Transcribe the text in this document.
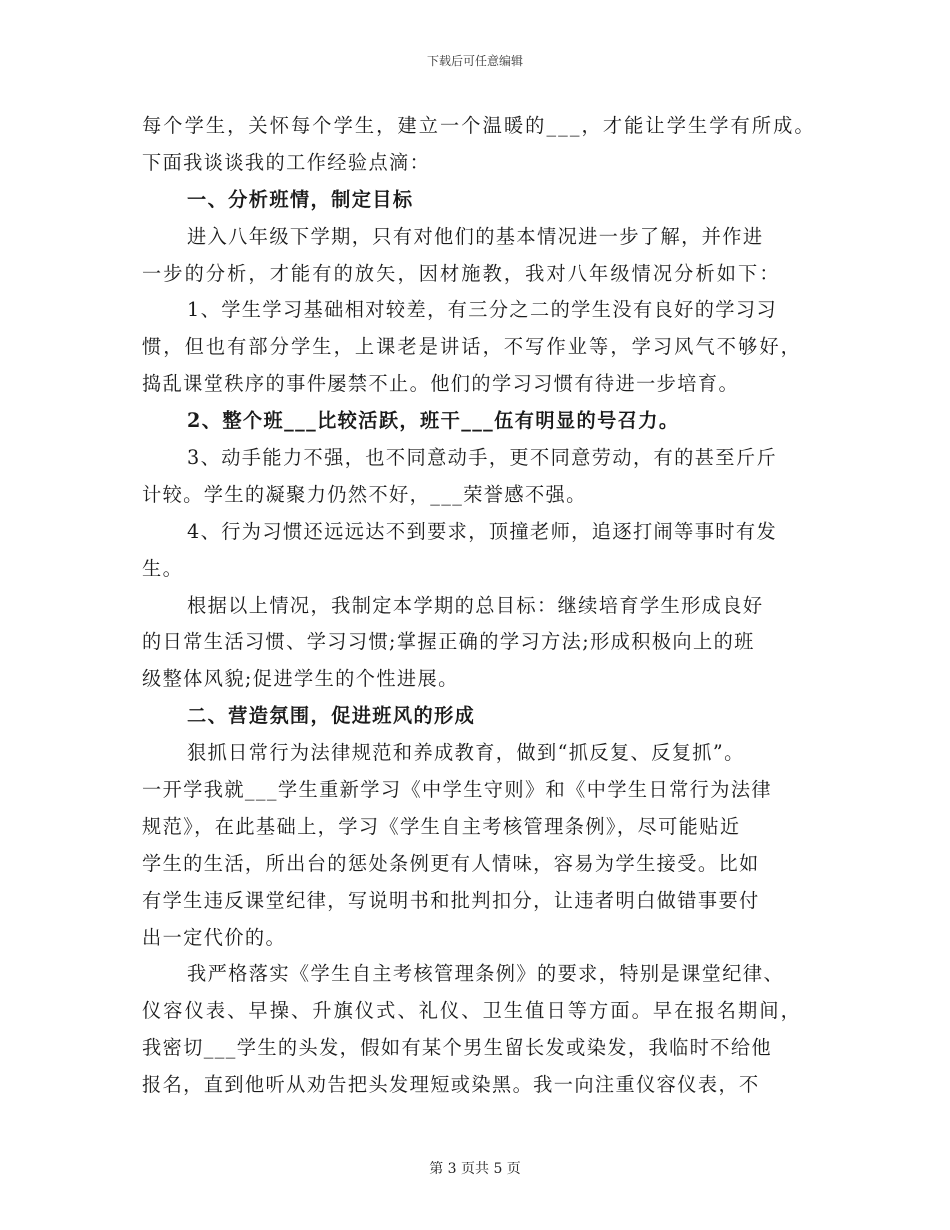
下载后可任意编辑
每个学生，关怀每个学生，建立一个温暖的___，才能让学生学有所成。
下面我谈谈我的工作经验点滴：
一、分析班情，制定目标
进入八年级下学期，只有对他们的基本情况进一步了解，并作进
一步的分析，才能有的放矢，因材施教，我对八年级情况分析如下：
1、学生学习基础相对较差，有三分之二的学生没有良好的学习习
惯，但也有部分学生，上课老是讲话，不写作业等，学习风气不够好，
捣乱课堂秩序的事件屡禁不止。他们的学习习惯有待进一步培育。
2、整个班___比较活跃，班干___伍有明显的号召力。
3、动手能力不强，也不同意动手，更不同意劳动，有的甚至斤斤
计较。学生的凝聚力仍然不好，___荣誉感不强。
4、行为习惯还远远达不到要求，顶撞老师，追逐打闹等事时有发
生。
根据以上情况，我制定本学期的总目标：继续培育学生形成良好
的日常生活习惯、学习习惯;掌握正确的学习方法;形成积极向上的班
级整体风貌;促进学生的个性进展。
二、营造氛围，促进班风的形成
狠抓日常行为法律规范和养成教育，做到“抓反复、反复抓”。
一开学我就___学生重新学习《中学生守则》和《中学生日常行为法律
规范》，在此基础上，学习《学生自主考核管理条例》，尽可能贴近
学生的生活，所出台的惩处条例更有人情味，容易为学生接受。比如
有学生违反课堂纪律，写说明书和批判扣分，让违者明白做错事要付
出一定代价的。
我严格落实《学生自主考核管理条例》的要求，特别是课堂纪律、
仪容仪表、早操、升旗仪式、礼仪、卫生值日等方面。早在报名期间，
我密切___学生的头发，假如有某个男生留长发或染发，我临时不给他
报名，直到他听从劝告把头发理短或染黑。我一向注重仪容仪表，不
第 3 页共 5 页
